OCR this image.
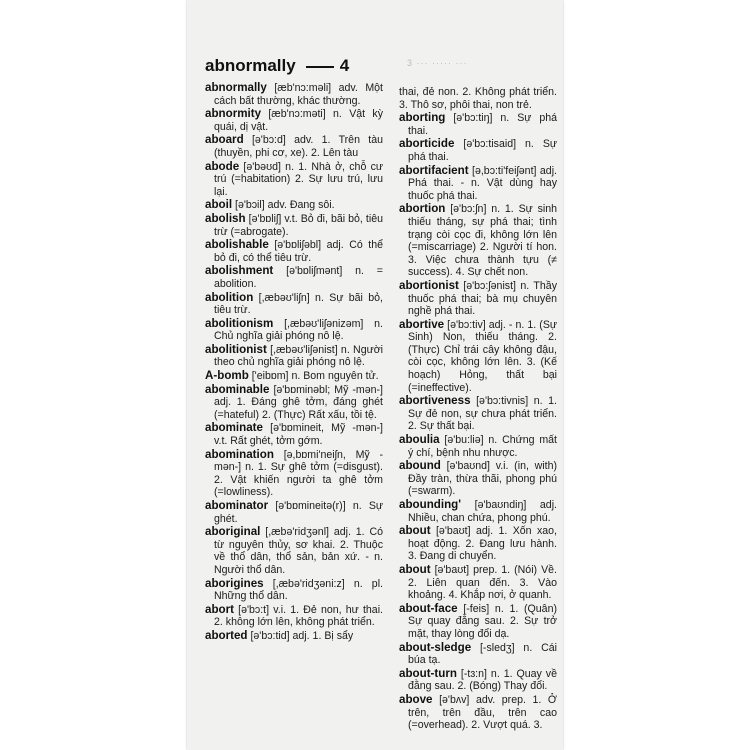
3 ··· ····· ···
abnormally	4
abnormally [æb'nɔ:məli] adv. Một cách bất thường, khác thường.
abnormity [æb'nɔ:məti] n. Vật kỳ quái, dị vật.
aboard [ə'bɔ:d] adv. 1. Trên tàu (thuyền, phi cơ, xe). 2. Lên tàu
abode [ə'bəʊd] n. 1. Nhà ở, chỗ cư trú (=habitation) 2. Sự lưu trú, lưu lại.
aboil [ə'bɔil] adv. Đang sôi.
abolish [ə'bɒliʃ] v.t. Bỏ đi, bãi bỏ, tiêu trừ (=abrogate).
abolishable [ə'bɒliʃəbl] adj. Có thể bỏ đi, có thể tiêu trừ.
abolishment [ə'bɒliʃmənt] n. = abolition.
abolition [,æbəʊ'liʃn] n. Sự bãi bỏ, tiêu trừ.
abolitionism [,æbəʊ'liʃənizəm] n. Chủ nghĩa giải phóng nô lệ.
abolitionist [,æbəʊ'liʃənist] n. Người theo chủ nghĩa giải phóng nô lệ.
A-bomb ['eibɒm] n. Bom nguyên tử.
abominable [ə'bɒminəbl; Mỹ -mən-] adj. 1. Đáng ghê tởm, đáng ghét (=hateful) 2. (Thực) Rất xấu, tồi tệ.
abominate [ə'bɒmineit, Mỹ -mən-] v.t. Rất ghét, tởm gớm.
abomination [ə,bɒmi'neiʃn, Mỹ -mən-] n. 1. Sự ghê tởm (=disgust). 2. Vật khiến người ta ghê tởm (=lowliness).
abominator [ə'bɒmineitə(r)] n. Sự ghét.
aboriginal [,æbə'ridʒənl] adj. 1. Có từ nguyên thủy, sơ khai. 2. Thuộc về thổ dân, thổ sản, bản xứ. - n. Người thổ dân.
aborigines [,æbə'ridʒəni:z] n. pl. Những thổ dân.
abort [ə'bɔ:t] v.i. 1. Đẻ non, hư thai. 2. không lớn lên, không phát triển.
aborted [ə'bɔ:tid] adj. 1. Bị sẩy
thai, đẻ non. 2. Không phát triển. 3. Thô sơ, phôi thai, non trẻ.
aborting [ə'bɔ:tiŋ] n. Sự phá thai.
aborticide [ə'bɔ:tisaid] n. Sự phá thai.
abortifacient [ə,bɔ:ti'feiʃənt] adj. Phá thai. - n. Vật dùng hay thuốc phá thai.
abortion [ə'bɔ:ʃn] n. 1. Sự sinh thiếu tháng, sự phá thai; tình trạng còi cọc đi, không lớn lên (=miscarriage) 2. Người tí hon. 3. Việc chưa thành tựu (≠ success). 4. Sự chết non.
abortionist [ə'bɔ:ʃənist] n. Thầy thuốc phá thai; bà mụ chuyên nghề phá thai.
abortive [ə'bɔ:tiv] adj. - n. 1. (Sự Sinh) Non, thiếu tháng. 2. (Thực) Chỉ trái cây không đậu, còi cọc, không lớn lên. 3. (Kế hoạch) Hỏng, thất bại (=ineffective).
abortiveness [ə'bɔ:tivnis] n. 1. Sự đẻ non, sự chưa phát triển. 2. Sự thất bại.
aboulia [ə'bu:liə] n. Chứng mất ý chí, bệnh nhu nhược.
abound [ə'baʊnd] v.i. (in, with) Đầy tràn, thừa thãi, phong phú (=swarm).
abounding' [ə'baʊndiŋ] adj. Nhiều, chan chứa, phong phú.
about [ə'baʊt] adj. 1. Xốn xao, hoạt động. 2. Đang lưu hành. 3. Đang di chuyển.
about [ə'baʊt] prep. 1. (Nói) Về. 2. Liên quan đến. 3. Vào khoảng. 4. Khắp nơi, ở quanh.
about-face [-feis] n. 1. (Quân) Sự quay đằng sau. 2. Sự trở mặt, thay lòng đổi dạ.
about-sledge [-sledʒ] n. Cái búa tạ.
about-turn [-tɜ:n] n. 1. Quay về đằng sau. 2. (Bóng) Thay đổi.
above [ə'bʌv] adv. prep. 1. Ở trên, trên đầu, trên cao (=overhead). 2. Vượt quá. 3.
